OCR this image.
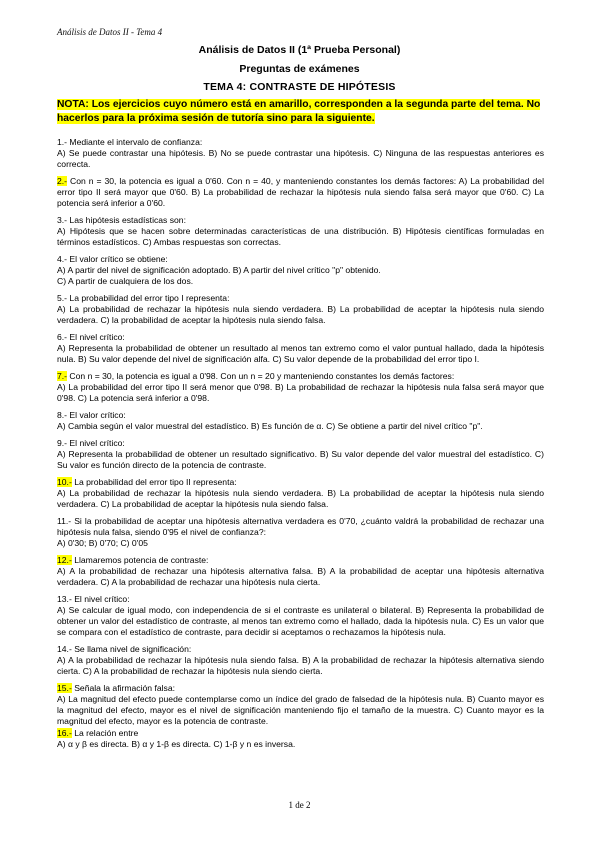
Análisis de Datos II - Tema 4
Análisis de Datos II (1ª Prueba Personal)
Preguntas de exámenes
TEMA 4: CONTRASTE DE HIPÓTESIS
NOTA: Los ejercicios cuyo número está en amarillo, corresponden a la segunda parte del tema. No hacerlos para la próxima sesión de tutoría sino para la siguiente.

1.- Mediante el intervalo de confianza:

A) Se puede contrastar una hipótesis. B) No se puede contrastar una hipótesis. C) Ninguna de las respuestas anteriores es correcta.

2.- Con n = 30, la potencia es igual a 0'60. Con n = 40, y manteniendo constantes los demás factores: A) La probabilidad del error tipo II será mayor que 0'60. B) La probabilidad de rechazar la hipótesis nula siendo falsa será mayor que 0'60. C) La potencia será inferior a 0'60.

3.- Las hipótesis estadísticas son:

A) Hipótesis que se hacen sobre determinadas características de una distribución. B) Hipótesis científicas formuladas en términos estadísticos. C) Ambas respuestas son correctas.

4.- El valor crítico se obtiene:

A) A partir del nivel de significación adoptado. B) A partir del nivel crítico "p" obtenido.
C) A partir de cualquiera de los dos.

5.- La probabilidad del error tipo I representa:

A) La probabilidad de rechazar la hipótesis nula siendo verdadera. B) La probabilidad de aceptar la hipótesis nula siendo verdadera. C) la probabilidad de aceptar la hipótesis nula siendo falsa.

6.- El nivel crítico:

A) Representa la probabilidad de obtener un resultado al menos tan extremo como el valor puntual hallado, dada la hipótesis nula. B) Su valor depende del nivel de significación alfa. C) Su valor depende de la probabilidad del error tipo I.

7.- Con n = 30, la potencia es igual a 0'98. Con un n = 20 y manteniendo constantes los demás factores:

A) La probabilidad del error tipo II será menor que 0'98. B) La probabilidad de rechazar la hipótesis nula falsa será mayor que 0'98. C) La potencia será inferior a 0'98.

8.- El valor crítico:

A) Cambia según el valor muestral del estadístico. B) Es función de α. C) Se obtiene a partir del nivel crítico "p".

9.- El nivel crítico:

A) Representa la probabilidad de obtener un resultado significativo. B) Su valor depende del valor muestral del estadístico. C) Su valor es función directo de la potencia de contraste.

10.- La probabilidad del error tipo II representa:

A) La probabilidad de rechazar la hipótesis nula siendo verdadera. B) La probabilidad de aceptar la hipótesis nula siendo verdadera. C) La probabilidad de aceptar la hipótesis nula siendo falsa.

11.- Si la probabilidad de aceptar una hipótesis alternativa verdadera es 0'70, ¿cuánto valdrá la probabilidad de rechazar una hipótesis nula falsa, siendo 0'95 el nivel de confianza?:

A) 0'30; B) 0'70; C) 0'05

12.- Llamaremos potencia de contraste:

A) A la probabilidad de rechazar una hipótesis alternativa falsa. B) A la probabilidad de aceptar una hipótesis alternativa verdadera. C) A la probabilidad de rechazar una hipótesis nula cierta.

13.- El nivel crítico:

A) Se calcular de igual modo, con independencia de si el contraste es unilateral o bilateral. B) Representa la probabilidad de obtener un valor del estadístico de contraste, al menos tan extremo como el hallado, dada la hipótesis nula. C) Es un valor que se compara con el estadístico de contraste, para decidir si aceptamos o rechazamos la hipótesis nula.

14.- Se llama nivel de significación:

A) A la probabilidad de rechazar la hipótesis nula siendo falsa. B) A la probabilidad de rechazar la hipótesis alternativa siendo cierta. C) A la probabilidad de rechazar la hipótesis nula siendo cierta.

15.- Señala la afirmación falsa:

A) La magnitud del efecto puede contemplarse como un índice del grado de falsedad de la hipótesis nula. B) Cuanto mayor es la magnitud del efecto, mayor es el nivel de significación manteniendo fijo el tamaño de la muestra. C) Cuanto mayor es la magnitud del efecto, mayor es la potencia de contraste.

16.- La relación entre

A) α y β es directa. B) α y 1-β es directa. C) 1-β y n es inversa.

1 de 2
